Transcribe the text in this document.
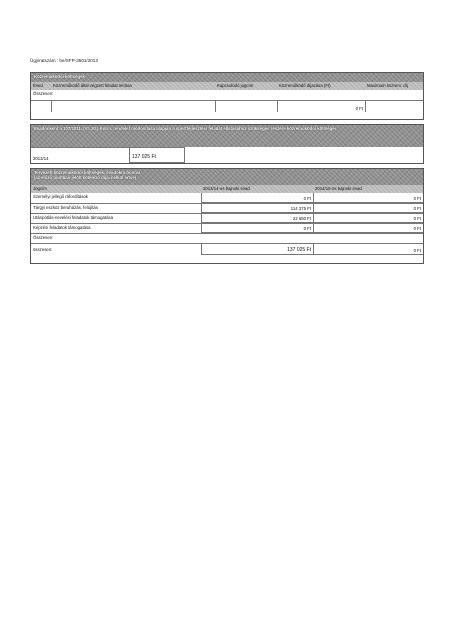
Ügyiratszám : be/SFP-3501/2013
Közreműködői költségek
Éved Közreműködő által végzett feladat leírása	Kapcsolódó jogcím	Közreműködő díjazása (Ft)	Maximum közrem. díj
Összesen:
0 Ft
Évadonként a 107/2011. (VI. 30.) Korm. rendelet módosítása alapján a sportfejlesztési feladat ellátásához szükséges részére közreműködői költségei
2013/14	137 025 Ft
Tervezett közreműködői költségek, évadokra bontva
(az előző pontban jelölt kötelező díjai nélkül értve)
Jogcím	2013/14-es bajnoki évad	2014/15-ös bajnoki évad
Személyi jellegű ráfordítások	0 Ft	0 Ft
Tárgyi eszköz beruházás, felújítás	114 375 Ft	0 Ft
Utánpótlás-nevelési feladatok támogatása	22 650 Ft	0 Ft
Képzési feladatok támogatása	0 Ft	0 Ft
Összesen:
összesen:	137 025 Ft	0 Ft
